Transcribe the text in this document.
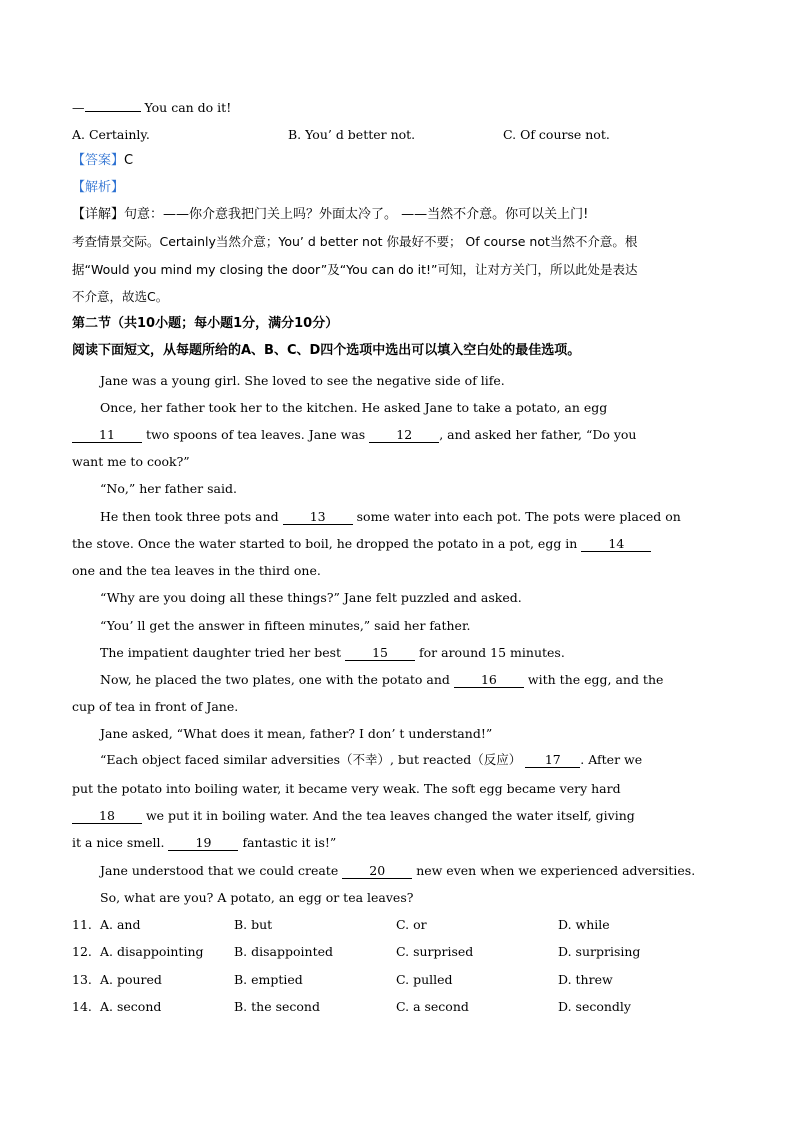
—	You can do it!
A. Certainly.	B. You’ d better not.	C. Of course not.
【答案】C
【解析】
【详解】句意：——你介意我把门关上吗？外面太冷了。 ——当然不介意。你可以关上门!
考查情景交际。Certainly当然介意；You’ d better not 你最好不要； Of course not当然不介意。根
据“Would you mind my closing the door”及“You can do it!”可知，让对方关门，所以此处是表达
不介意，故选C。
第二节（共10小题；每小题1分，满分10分）
阅读下面短文，从每题所给的A、B、C、D四个选项中选出可以填入空白处的最佳选项。
Jane was a young girl. She loved to see the negative side of life.
Once, her father took her to the kitchen. He asked Jane to take a potato, an egg
11 two spoons of tea leaves. Jane was 12 , and asked her father, “Do you
want me to cook?”
“No,” her father said.
He then took three pots and 13 some water into each pot. The pots were placed on
the stove. Once the water started to boil, he dropped the potato in a pot, egg in 14
one and the tea leaves in the third one.
“Why are you doing all these things?” Jane felt puzzled and asked.
“You’ ll get the answer in fifteen minutes,” said her father.
The impatient daughter tried her best 15 for around 15 minutes.
Now, he placed the two plates, one with the potato and 16 with the egg, and the
cup of tea in front of Jane.
Jane asked, “What does it mean, father? I don’ t understand!”
“Each object faced similar adversities（不幸）, but reacted（反应） 17 . After we
put the potato into boiling water, it became very weak. The soft egg became very hard
18 we put it in boiling water. And the tea leaves changed the water itself, giving
it a nice smell. 19 fantastic it is!”
Jane understood that we could create 20 new even when we experienced adversities.
So, what are you? A potato, an egg or tea leaves?
11. A. and	B. but	C. or	D. while
12. A. disappointing B. disappointed	C. surprised	D. surprising
13. A. poured	B. emptied	C. pulled	D. threw
14. A. second	B. the second	C. a second	D. secondly
